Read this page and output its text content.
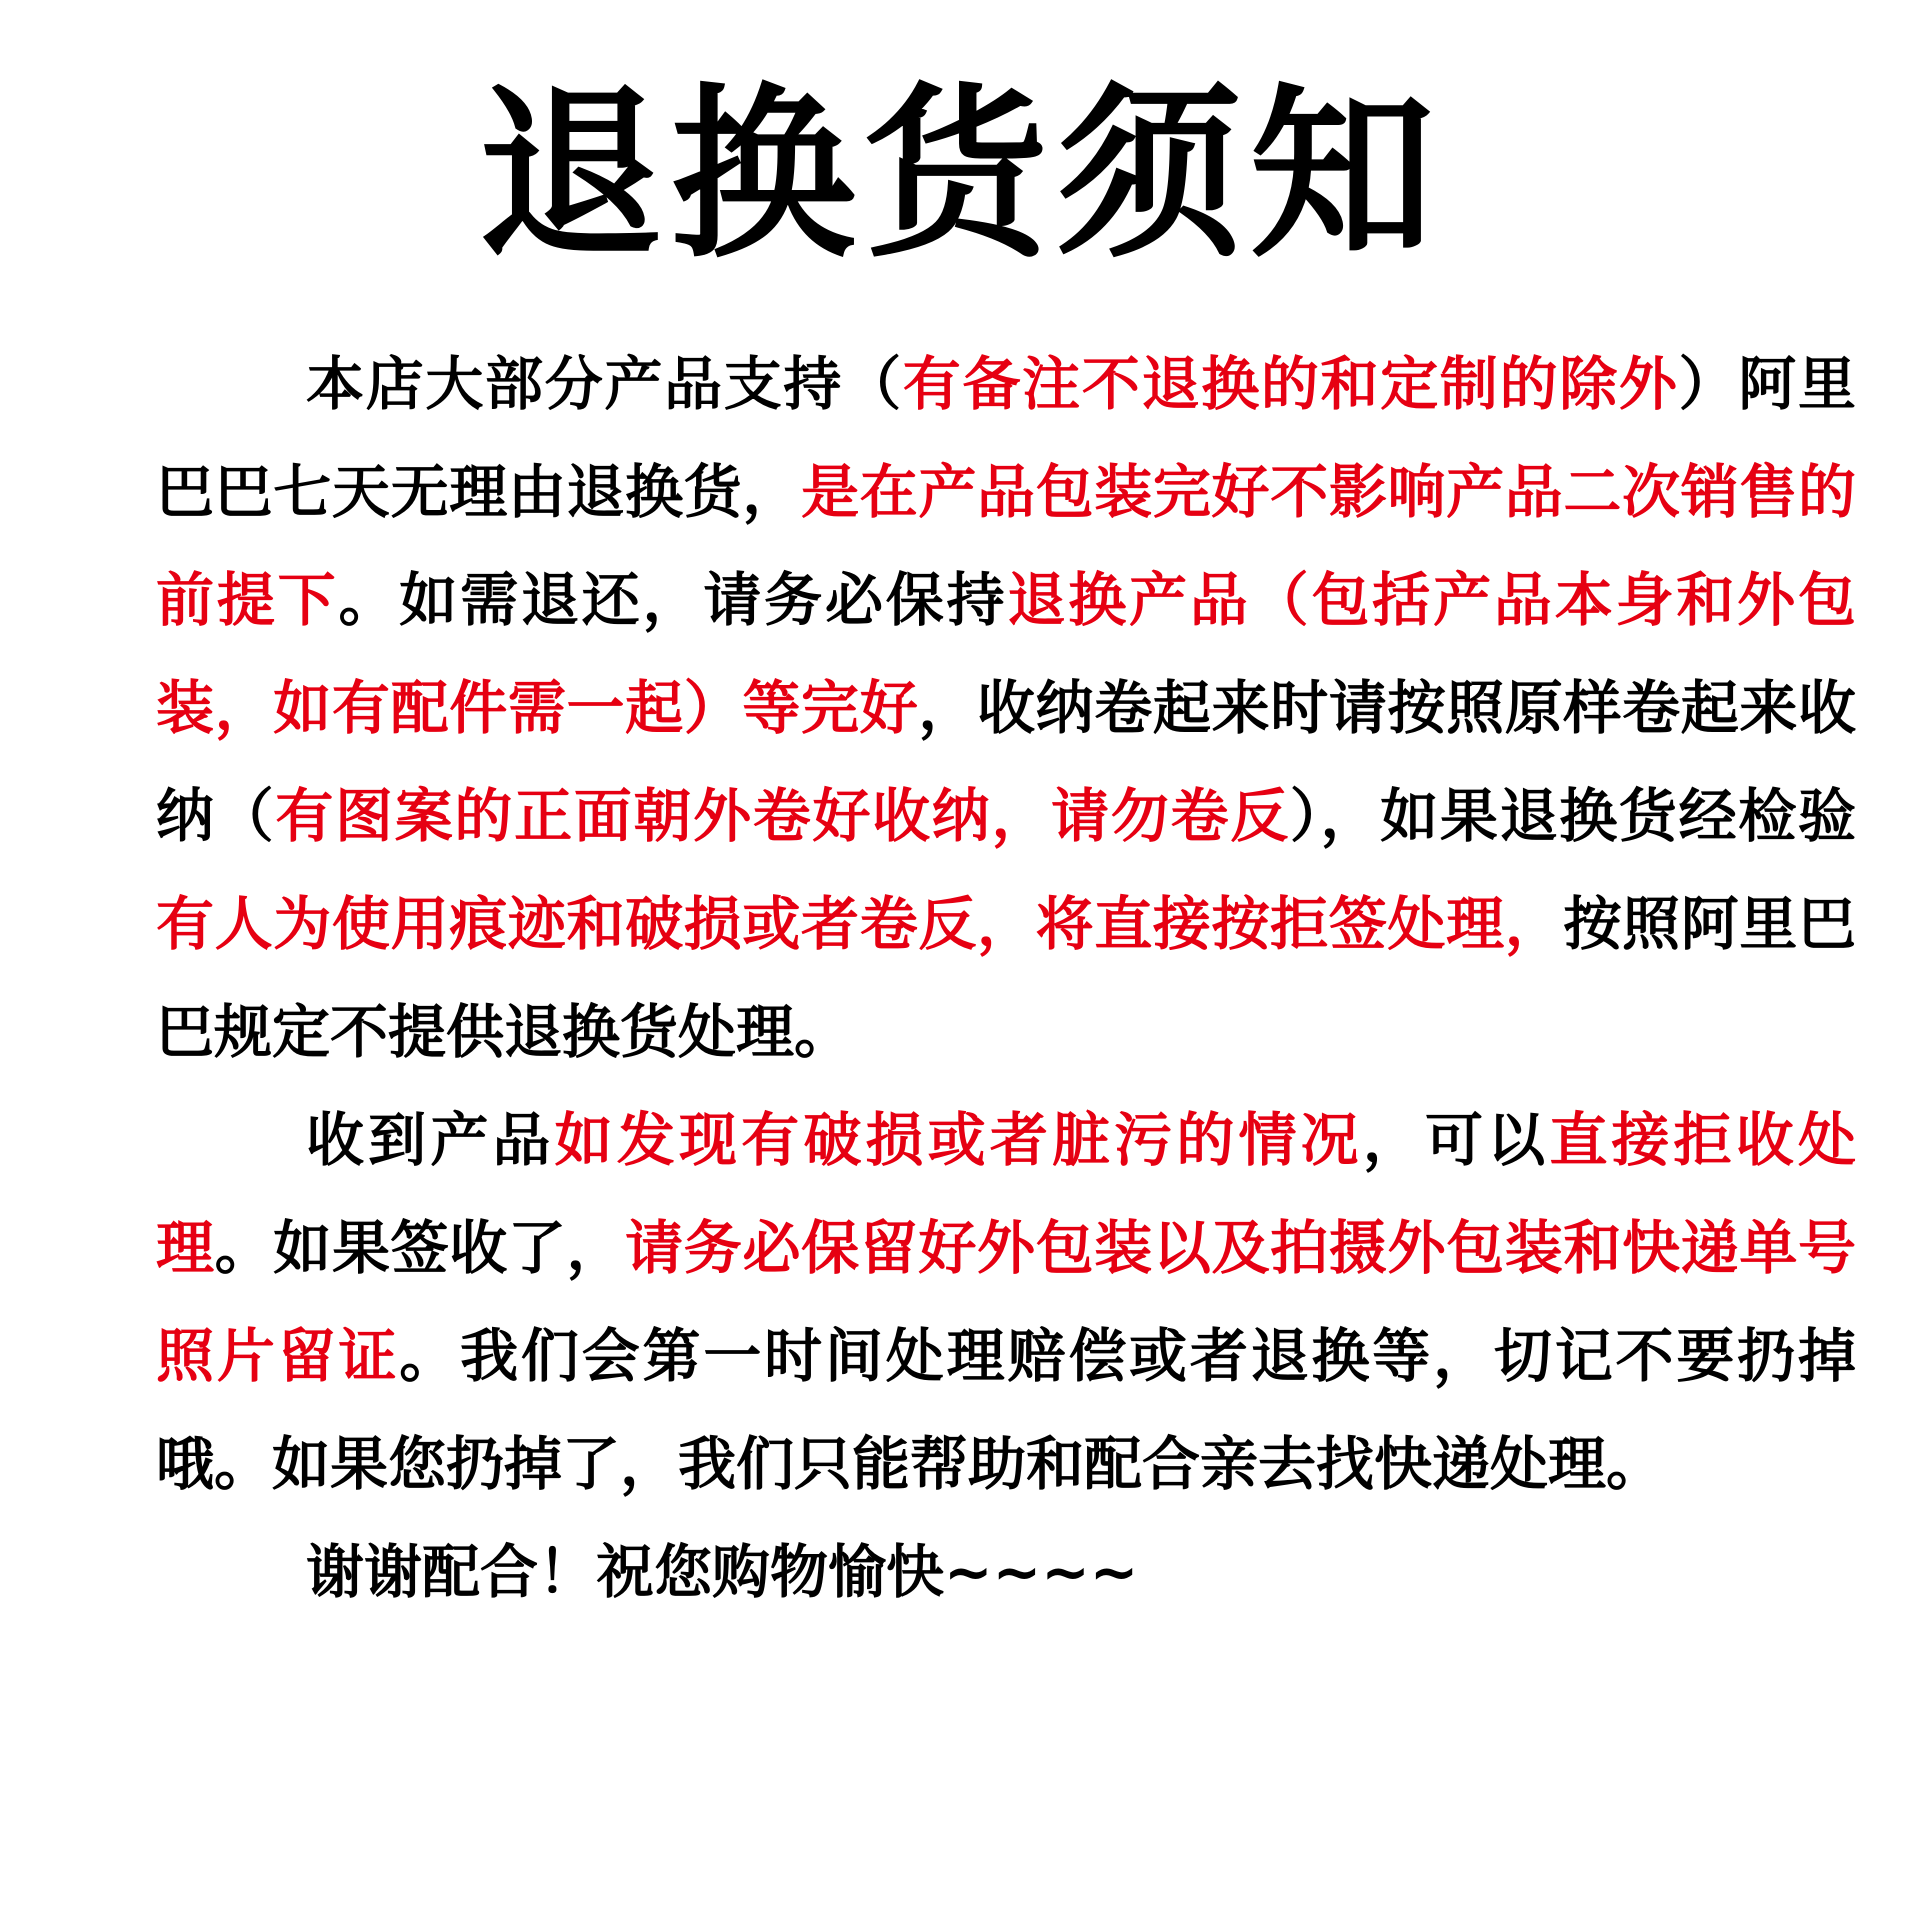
退换货须知

本店大部分产品支持（有备注不退换的和定制的除外）阿里巴巴七天无理由退换货，是在产品包装完好不影响产品二次销售的前提下。如需退还，请务必保持退换产品（包括产品本身和外包装，如有配件需一起）等完好，收纳卷起来时请按照原样卷起来收纳（有图案的正面朝外卷好收纳，请勿卷反），如果退换货经检验有人为使用痕迹和破损或者卷反，将直接按拒签处理，按照阿里巴巴规定不提供退换货处理。

收到产品如发现有破损或者脏污的情况，可以直接拒收处理。如果签收了，请务必保留好外包装以及拍摄外包装和快递单号照片留证。我们会第一时间处理赔偿或者退换等，切记不要扔掉哦。如果您扔掉了，我们只能帮助和配合亲去找快递处理。

谢谢配合！祝您购物愉快~~~~
